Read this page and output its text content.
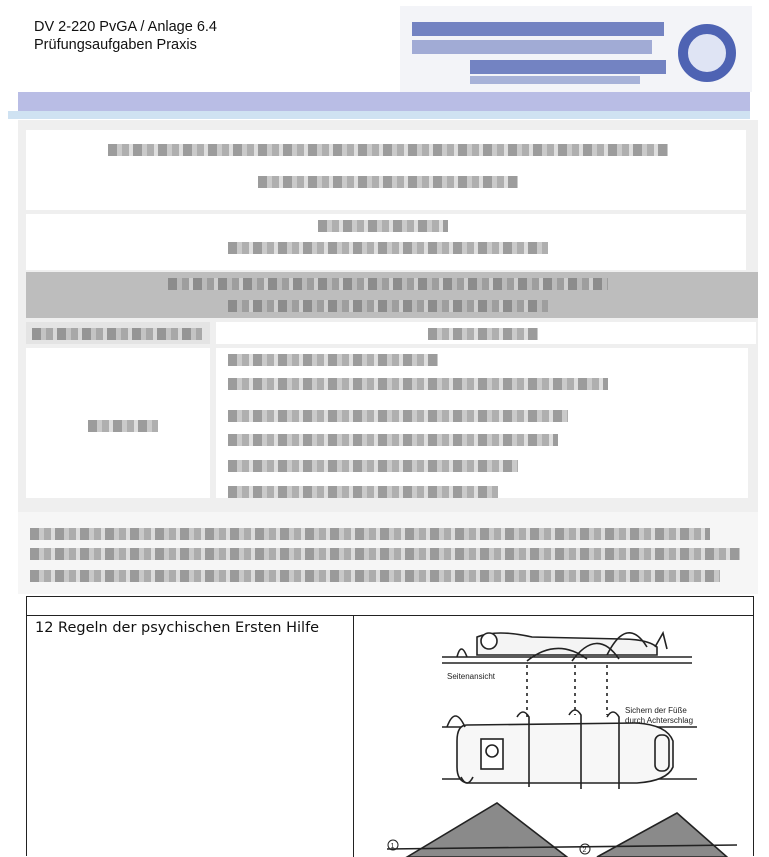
DV 2-220 PvGA / Anlage 6.4
Prüfungsaufgaben Praxis
12 Regeln der psychischen Ersten Hilfe
Seitenansicht
Sichern der Füße
durch Achterschlag
1
2
